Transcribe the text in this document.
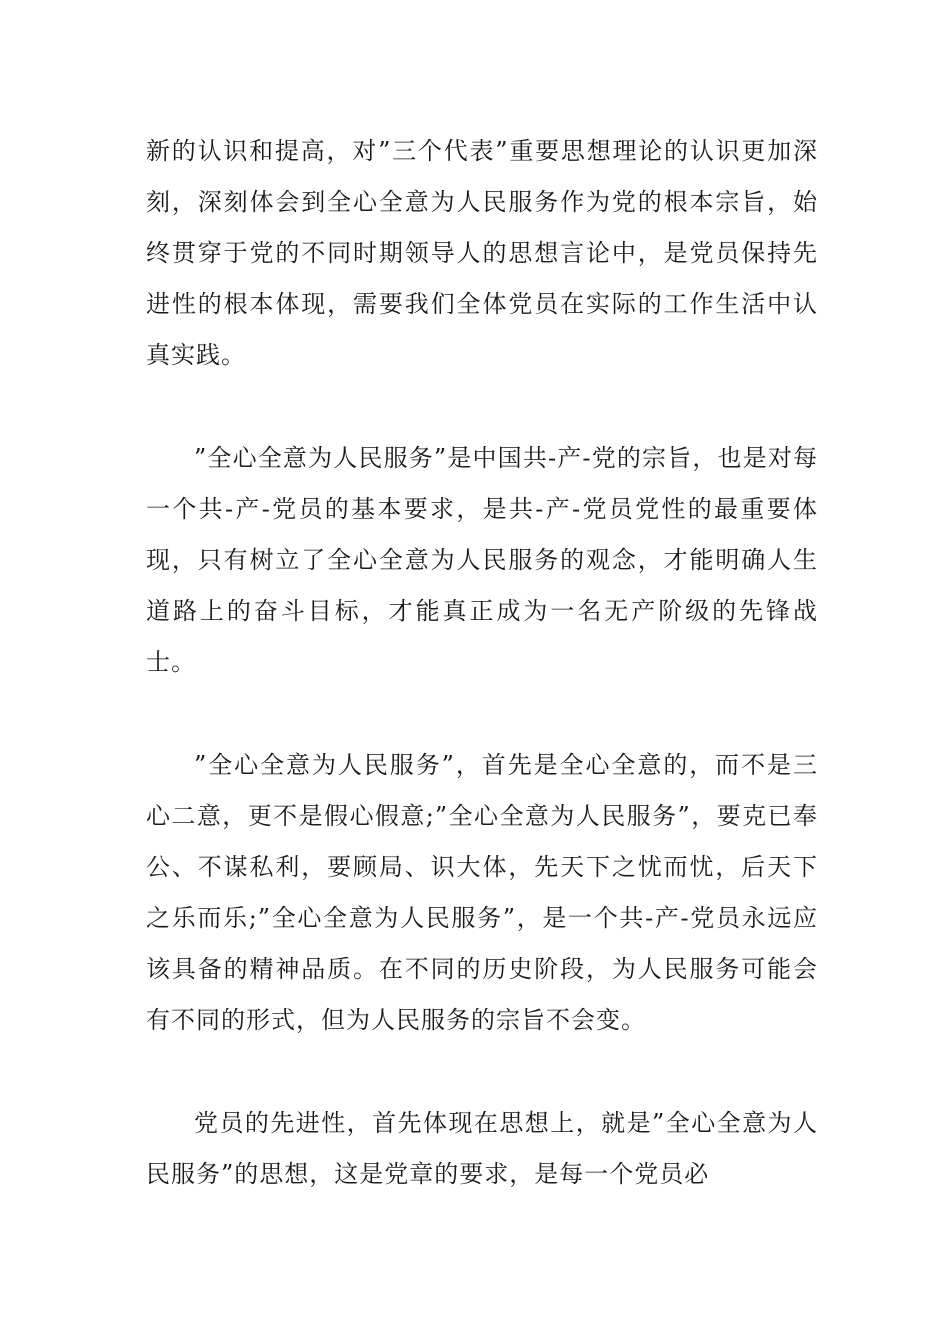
新的认识和提高，对”三个代表”重要思想理论的认识更加深刻，深刻体会到全心全意为人民服务作为党的根本宗旨，始终贯穿于党的不同时期领导人的思想言论中，是党员保持先进性的根本体现，需要我们全体党员在实际的工作生活中认真实践。

”全心全意为人民服务”是中国共-产-党的宗旨，也是对每一个共-产-党员的基本要求，是共-产-党员党性的最重要体现，只有树立了全心全意为人民服务的观念，才能明确人生道路上的奋斗目标，才能真正成为一名无产阶级的先锋战士。

”全心全意为人民服务”，首先是全心全意的，而不是三心二意，更不是假心假意;”全心全意为人民服务”，要克已奉公、不谋私利，要顾局、识大体，先天下之忧而忧，后天下之乐而乐;”全心全意为人民服务”，是一个共-产-党员永远应该具备的精神品质。在不同的历史阶段，为人民服务可能会有不同的形式，但为人民服务的宗旨不会变。

党员的先进性，首先体现在思想上，就是”全心全意为人民服务”的思想，这是党章的要求，是每一个党员必
